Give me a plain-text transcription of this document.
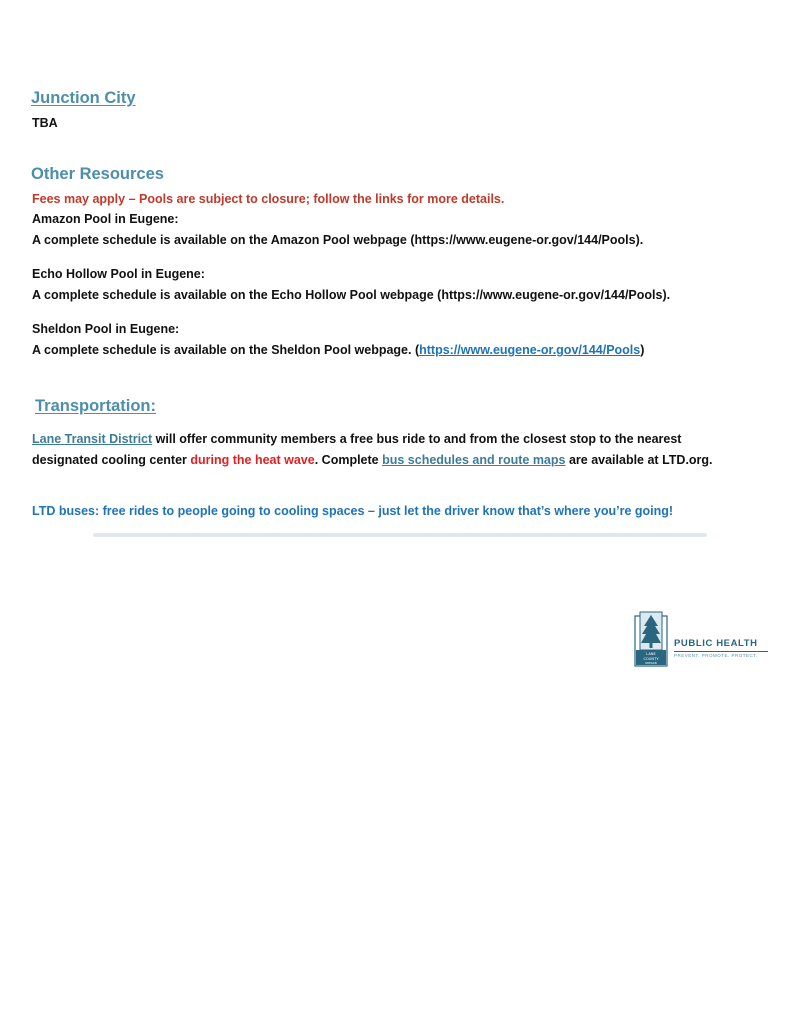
Junction City
TBA
Other Resources
Fees may apply – Pools are subject to closure; follow the links for more details.
Amazon Pool in Eugene:
A complete schedule is available on the Amazon Pool webpage (https://www.eugene-or.gov/144/Pools).
Echo Hollow Pool in Eugene:
A complete schedule is available on the Echo Hollow Pool webpage (https://www.eugene-or.gov/144/Pools).
Sheldon Pool in Eugene:
A complete schedule is available on the Sheldon Pool webpage. (https://www.eugene-or.gov/144/Pools)
Transportation:
Lane Transit District will offer community members a free bus ride to and from the closest stop to the nearest
designated cooling center during the heat wave. Complete bus schedules and route maps are available at LTD.org.
LTD buses: free rides to people going to cooling spaces – just let the driver know that’s where you’re going!
LANE
COUNTY
OREGON
PUBLIC HEALTH
PREVENT. PROMOTE. PROTECT.
